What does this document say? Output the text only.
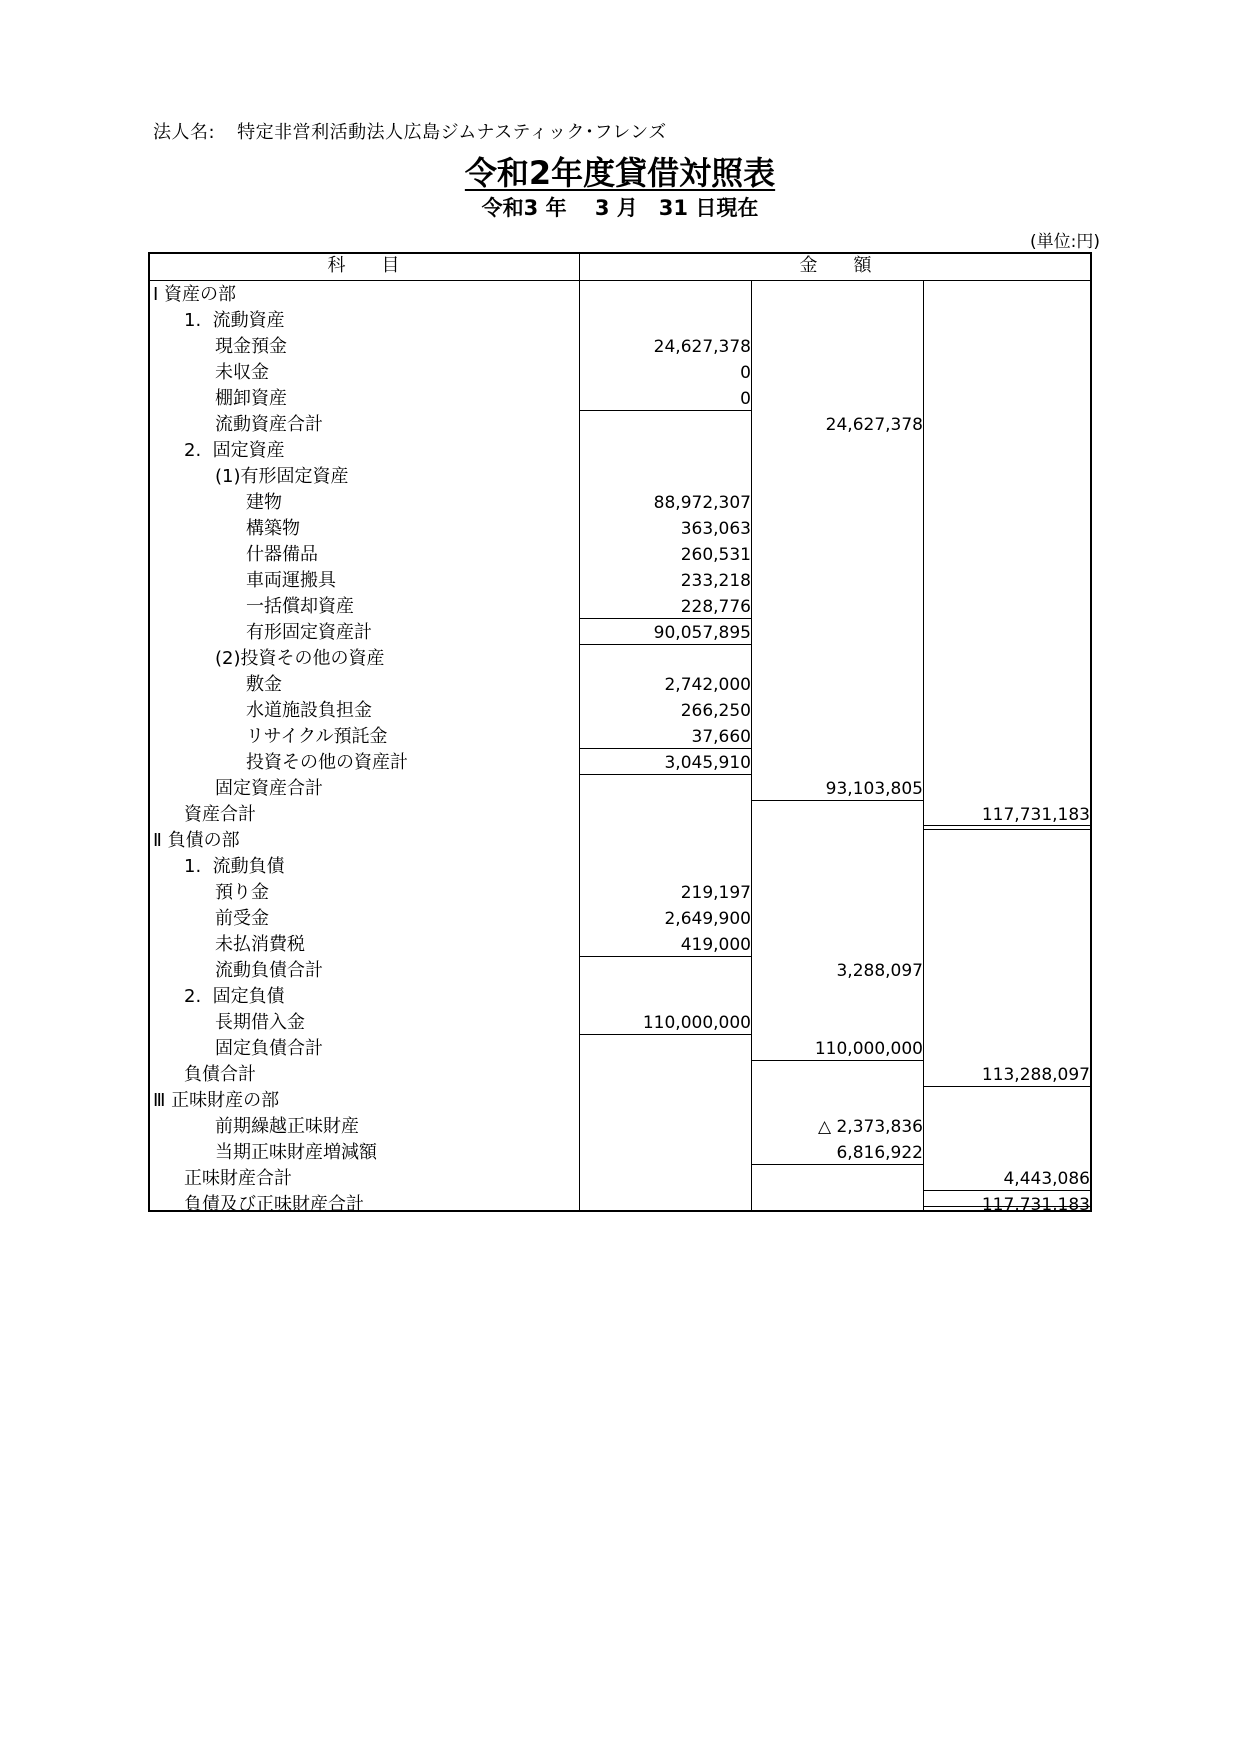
法人名: 特定非営利活動法人広島ジムナスティック･フレンズ
令和2年度貸借対照表
令和3 年　 3 月　31 日現在
(単位:円)
科　　目	金　　額
Ⅰ 資産の部
1.  流動資産
現金預金	24,627,378
未収金	0
棚卸資産	0
流動資産合計	24,627,378
2.  固定資産
(1)有形固定資産
建物	88,972,307
構築物	363,063
什器備品	260,531
車両運搬具	233,218
一括償却資産	228,776
有形固定資産計	90,057,895
(2)投資その他の資産
敷金	2,742,000
水道施設負担金	266,250
リサイクル預託金	37,660
投資その他の資産計	3,045,910
固定資産合計	93,103,805
資産合計	117,731,183
Ⅱ 負債の部
1.  流動負債
預り金	219,197
前受金	2,649,900
未払消費税	419,000
流動負債合計	3,288,097
2.  固定負債
長期借入金	110,000,000
固定負債合計	110,000,000
負債合計	113,288,097
Ⅲ 正味財産の部
前期繰越正味財産	△ 2,373,836
当期正味財産増減額	6,816,922
正味財産合計	4,443,086
負債及び正味財産合計	117,731,183
